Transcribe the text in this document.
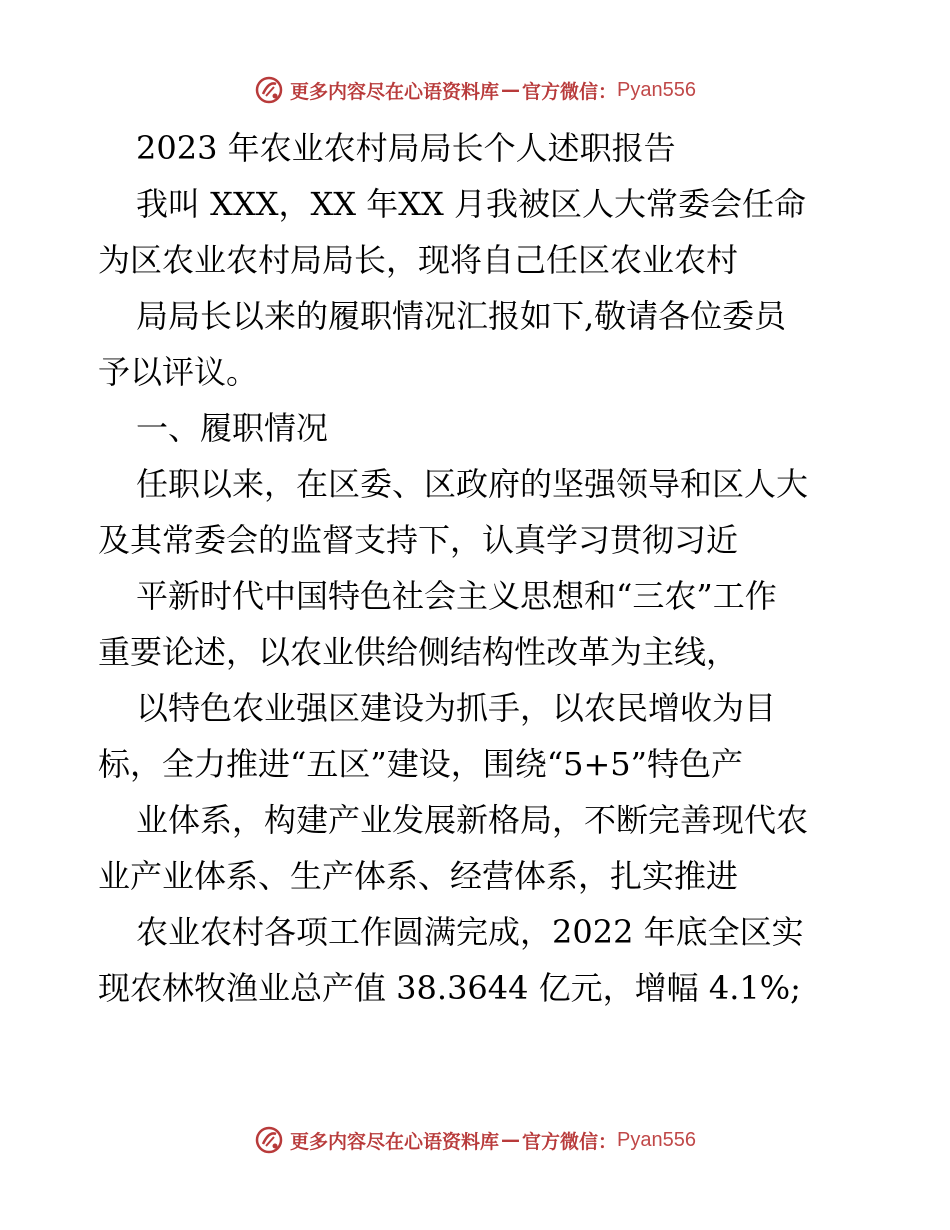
更多内容尽在心语资料库 — 官方微信： Pyan556
2023 年农业农村局局长个人述职报告
我叫 XXX，XX 年XX 月我被区人大常委会任命
为区农业农村局局长，现将自己任区农业农村
局局长以来的履职情况汇报如下,敬请各位委员
予以评议。
一、履职情况
任职以来，在区委、区政府的坚强领导和区人大
及其常委会的监督支持下，认真学习贯彻习近
平新时代中国特色社会主义思想和“三农”工作
重要论述，以农业供给侧结构性改革为主线，
以特色农业强区建设为抓手，以农民增收为目
标，全力推进“五区”建设，围绕“5+5”特色产
业体系，构建产业发展新格局，不断完善现代农
业产业体系、生产体系、经营体系，扎实推进
农业农村各项工作圆满完成，2022 年底全区实
现农林牧渔业总产值 38.3644 亿元，增幅 4.1%;
更多内容尽在心语资料库 — 官方微信： Pyan556
